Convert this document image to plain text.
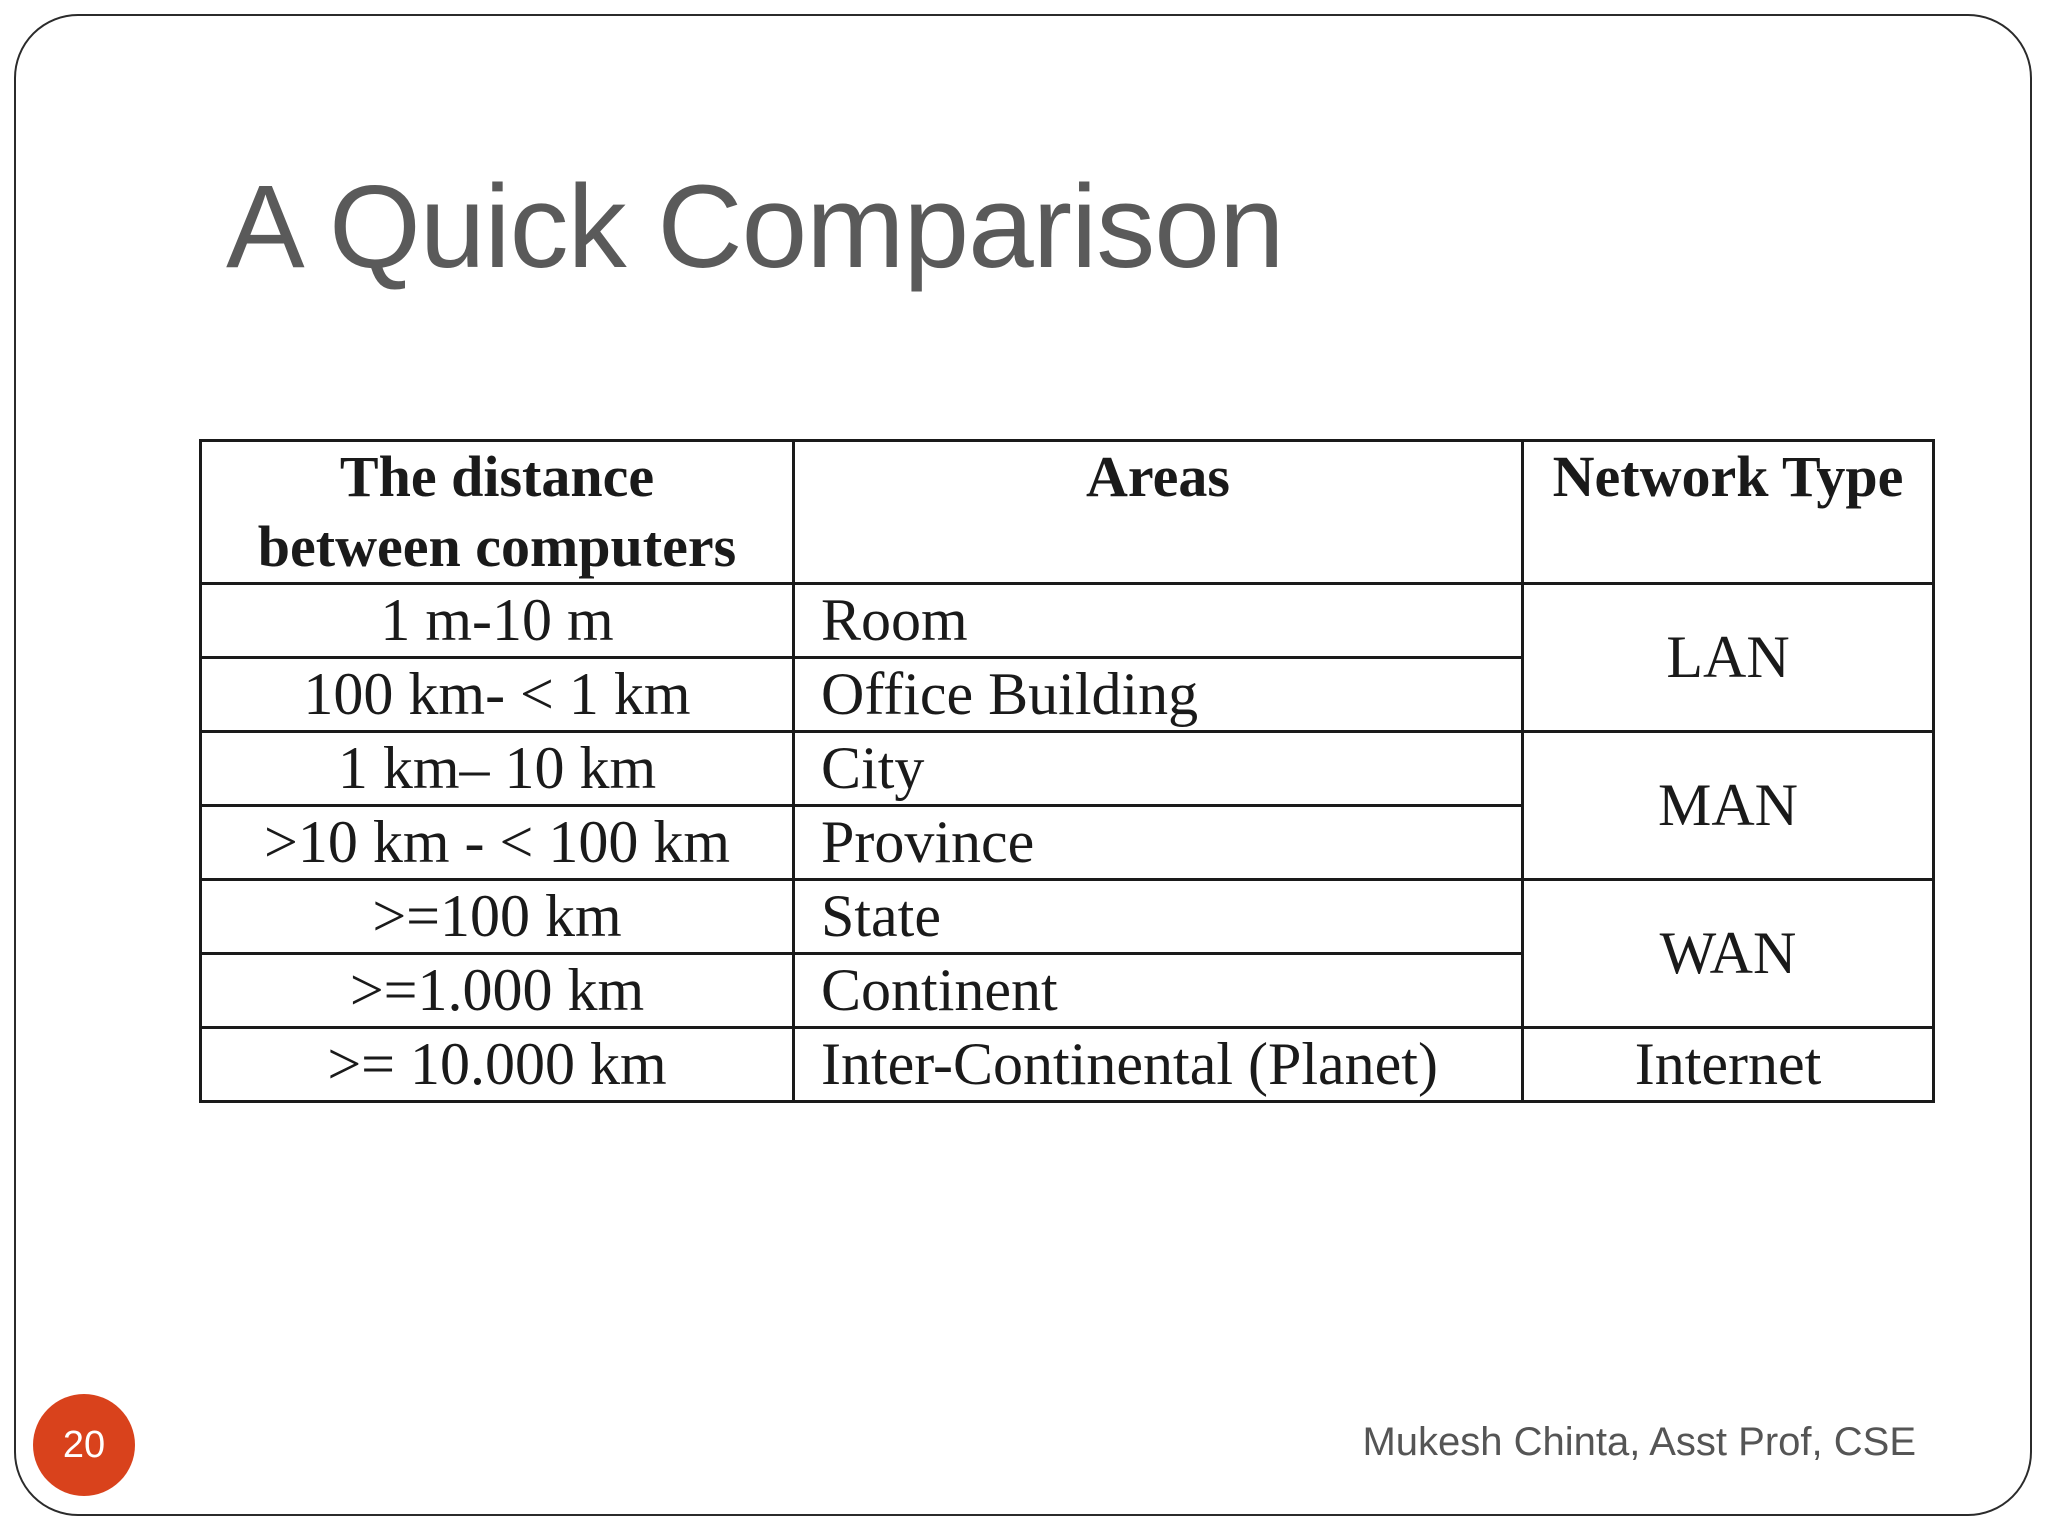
A Quick Comparison
The distance
between computers	Areas	Network Type
1 m-10 m	Room	LAN
100 km- < 1 km	Office Building	
1 km– 10 km	City	MAN
>10 km - < 100 km	Province	
>=100 km	State	WAN
>=1.000 km	Continent	
>= 10.000 km	Inter-Continental (Planet)	Internet
20	Mukesh Chinta, Asst Prof, CSE
